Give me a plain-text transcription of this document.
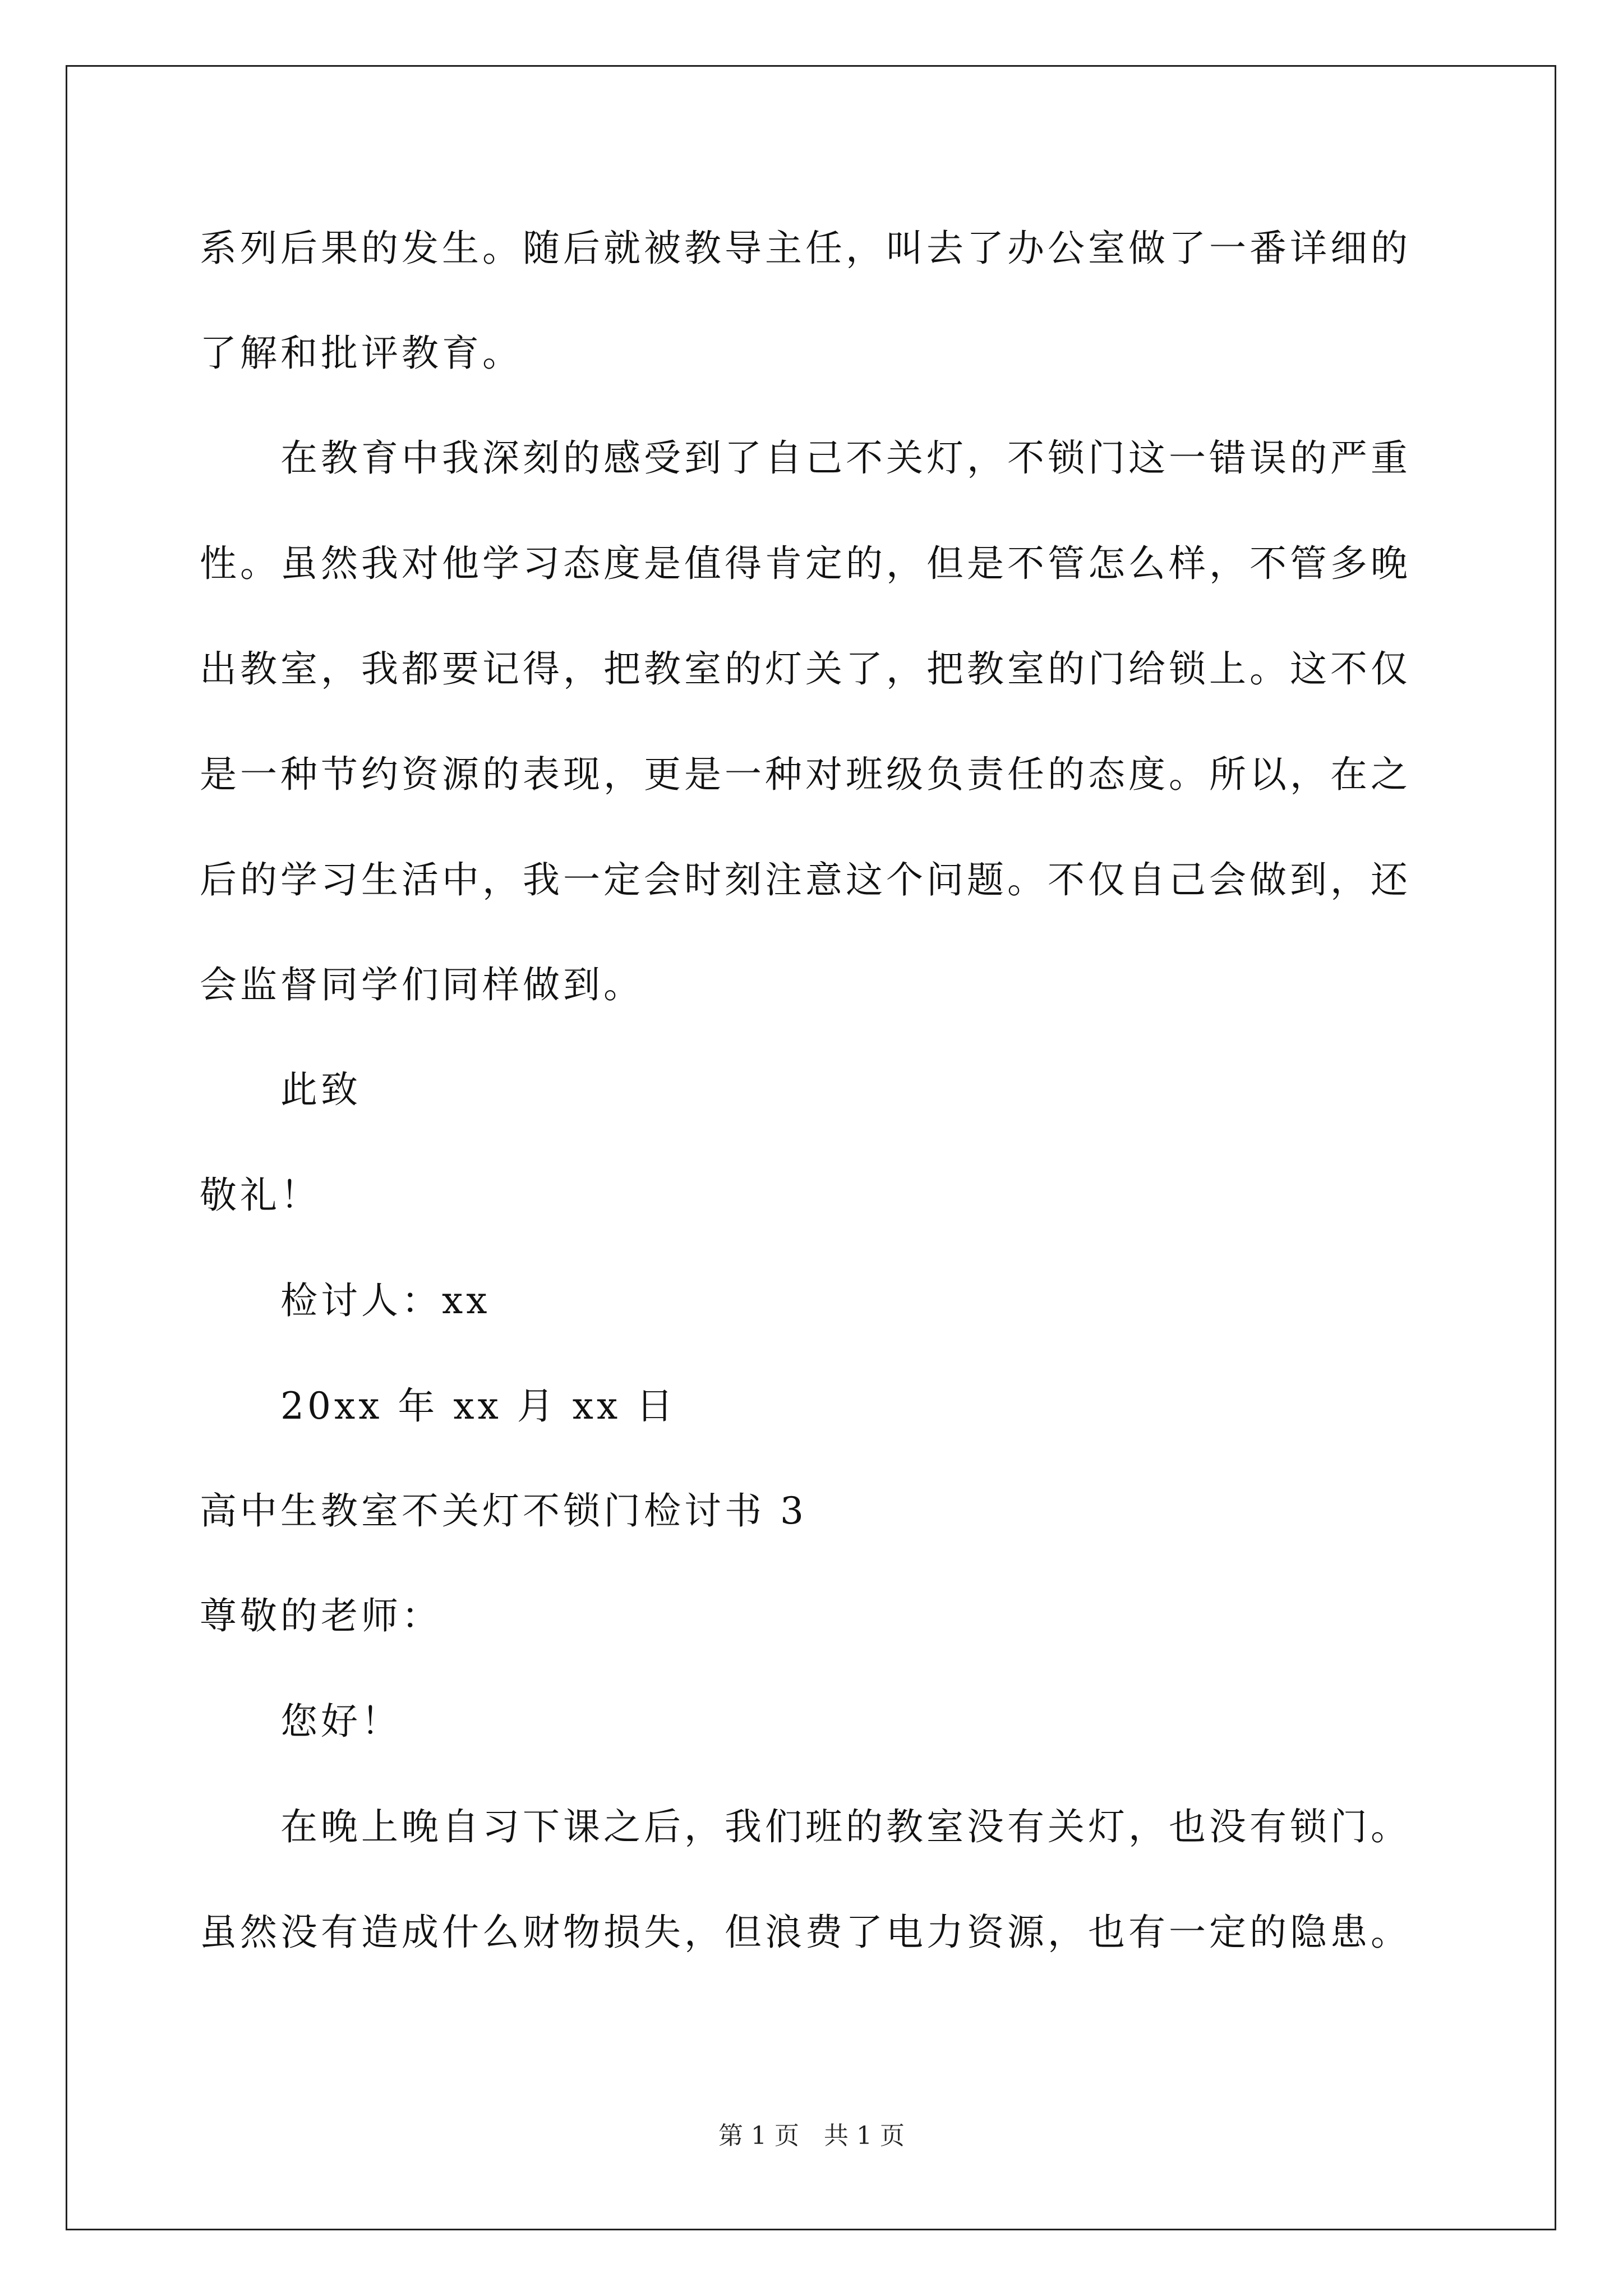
系列后果的发生。随后就被教导主任，叫去了办公室做了一番详细的
了解和批评教育。
在教育中我深刻的感受到了自己不关灯，不锁门这一错误的严重
性。虽然我对他学习态度是值得肯定的，但是不管怎么样，不管多晚
出教室，我都要记得，把教室的灯关了，把教室的门给锁上。这不仅
是一种节约资源的表现，更是一种对班级负责任的态度。所以，在之
后的学习生活中，我一定会时刻注意这个问题。不仅自己会做到，还
会监督同学们同样做到。
此致
敬礼！
检讨人：xx
20xx 年 xx 月 xx 日
高中生教室不关灯不锁门检讨书 3
尊敬的老师：
您好！
在晚上晚自习下课之后，我们班的教室没有关灯，也没有锁门。
虽然没有造成什么财物损失，但浪费了电力资源，也有一定的隐患。
第 1 页 共 1 页
